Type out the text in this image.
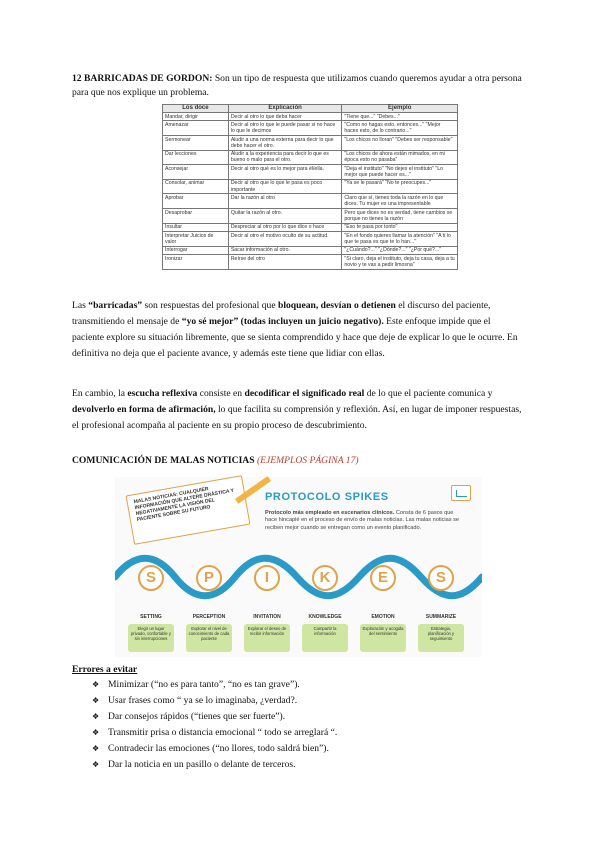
12 BARRICADAS DE GORDON: Son un tipo de respuesta que utilizamos cuando queremos ayudar a otra persona para que nos explique un problema.
Los doce	Explicación	Ejemplo
Mandar, dirigir	Decir al otro lo que deba hacer	"Tiene que..." "Debes..."
Amenazar	Decir al otro lo que le puede pasar si no hace lo que le decimos	"Como no hagas esto, entonces..." "Mejor haces esto, de lo contrario..."
Sermonear	Aludir a una norma externa para decir lo que debe hacer el otro.	"Los chicos no lloran" "Debes ser responsable"
Dar lecciones	Aludir a la experiencia para decir lo que es bueno o malo para el otro.	"Los chicos de ahora están mimados, en mi época esto no pasaba"
Aconsejar	Decir al otro qué es lo mejor para él/ella.	"Deja el instituto" "No dejes el instituto" "Lo mejor que puede hacer es..."
Consolar, animar	Decir al otro que lo que le pasa es poco importante	"Ya se le pasará" "No te preocupes..."
Aprobar	Dar la razón al otro	Claro que sí, tienes toda la razón en lo que dices. Tu mujer es una impresentable
Desaprobar	Quitar la razón al otro.	Pero que dices no es verdad, tiene cambios se porque no tienes la razón
Insultar	Despreciar al otro por lo que dice o hace	"Eso te pasa por tonto"
Interpretar Juicios de valor	Decir al otro el motivo oculto de su actitud.	"En el fondo quieres llamar la atención" "A ti lo que te pasa es que te lo han..."
Interrogar	Sacar información al otro.	"¿Cuándo?..." "¿Dónde?..." "¿Por qué?..."
Ironizar	Reírse del otro	"Si claro, deja el instituto, deja tu casa, deja a tu novio y te vas a pedir limosna"
Las “barricadas” son respuestas del profesional que bloquean, desvían o detienen el discurso del paciente, transmitiendo el mensaje de “yo sé mejor” (todas incluyen un juicio negativo). Este enfoque impide que el paciente explore su situación libremente, que se sienta comprendido y hace que deje de explicar lo que le ocurre. En definitiva no deja que el paciente avance, y además este tiene que lidiar con ellas.
En cambio, la escucha reflexiva consiste en decodificar el significado real de lo que el paciente comunica y devolverlo en forma de afirmación, lo que facilita su comprensión y reflexión. Así, en lugar de imponer respuestas, el profesional acompaña al paciente en su propio proceso de descubrimiento.
COMUNICACIÓN DE MALAS NOTICIAS (EJEMPLOS PÁGINA 17)
MALAS NOTICIAS: CUALQUIER INFORMACIÓN QUE ALTERE DRÁSTICA Y NEGATIVAMENTE LA VISIÓN DEL PACIENTE SOBRE SU FUTURO
PROTOCOLO SPIKES
Protocolo más empleado en escenarios clínicos. Consta de 6 pasos que hace hincapié en el proceso de envío de malas noticias. Las malas noticias se reciben mejor cuando se entregan como un evento planificado.
S
SETTING
Elegir un lugar privado, confortable y sin interrupciones
P
PERCEPTION
Explorar el nivel de conocimiento de cada paciente
I
INVITATION
Explorar el deseo de recibir información
K
KNOWLEDGE
Compartir la información
E
EMOTION
Exploración y acogida del sentimiento
S
SUMMARIZE
Estrategia, planificación y seguimiento
Errores a evitar
❖ Minimizar (“no es para tanto”, “no es tan grave”).
❖ Usar frases como “ ya se lo imaginaba, ¿verdad?.
❖ Dar consejos rápidos (“tienes que ser fuerte”).
❖ Transmitir prisa o distancia emocional “ todo se arreglará “.
❖ Contradecir las emociones (“no llores, todo saldrá bien”).
❖ Dar la noticia en un pasillo o delante de terceros.
